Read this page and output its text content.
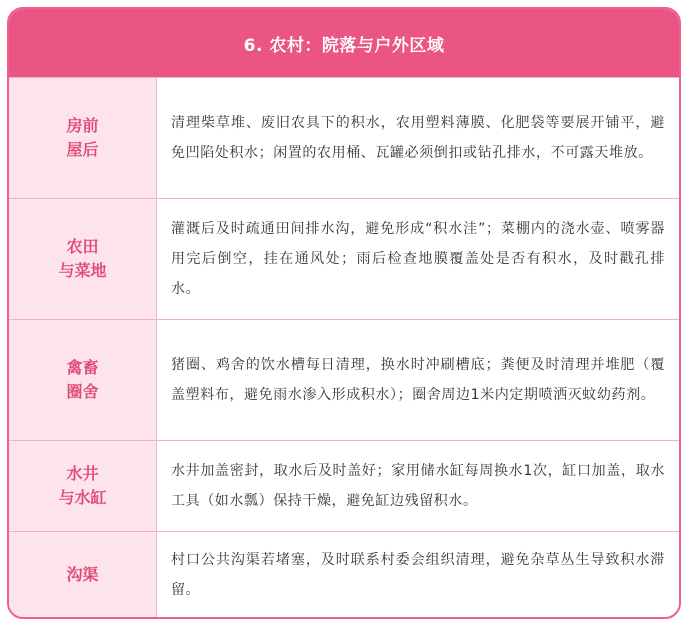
6. 农村：院落与户外区域
房前
屋后
清理柴草堆、废旧农具下的积水，农用塑料薄膜、化肥袋等要展开铺平，避免凹陷处积水；闲置的农用桶、瓦罐必须倒扣或钻孔排水，不可露天堆放。
农田
与菜地
灌溉后及时疏通田间排水沟，避免形成“积水洼”；菜棚内的浇水壶、喷雾器用完后倒空，挂在通风处；雨后检查地膜覆盖处是否有积水，及时戳孔排水。
禽畜
圈舍
猪圈、鸡舍的饮水槽每日清理，换水时冲刷槽底；粪便及时清理并堆肥（覆盖塑料布，避免雨水渗入形成积水）；圈舍周边1米内定期喷洒灭蚊幼药剂。
水井
与水缸
水井加盖密封，取水后及时盖好；家用储水缸每周换水1次，缸口加盖，取水工具（如水瓢）保持干燥，避免缸边残留积水。
沟渠
村口公共沟渠若堵塞，及时联系村委会组织清理，避免杂草丛生导致积水滞留。
